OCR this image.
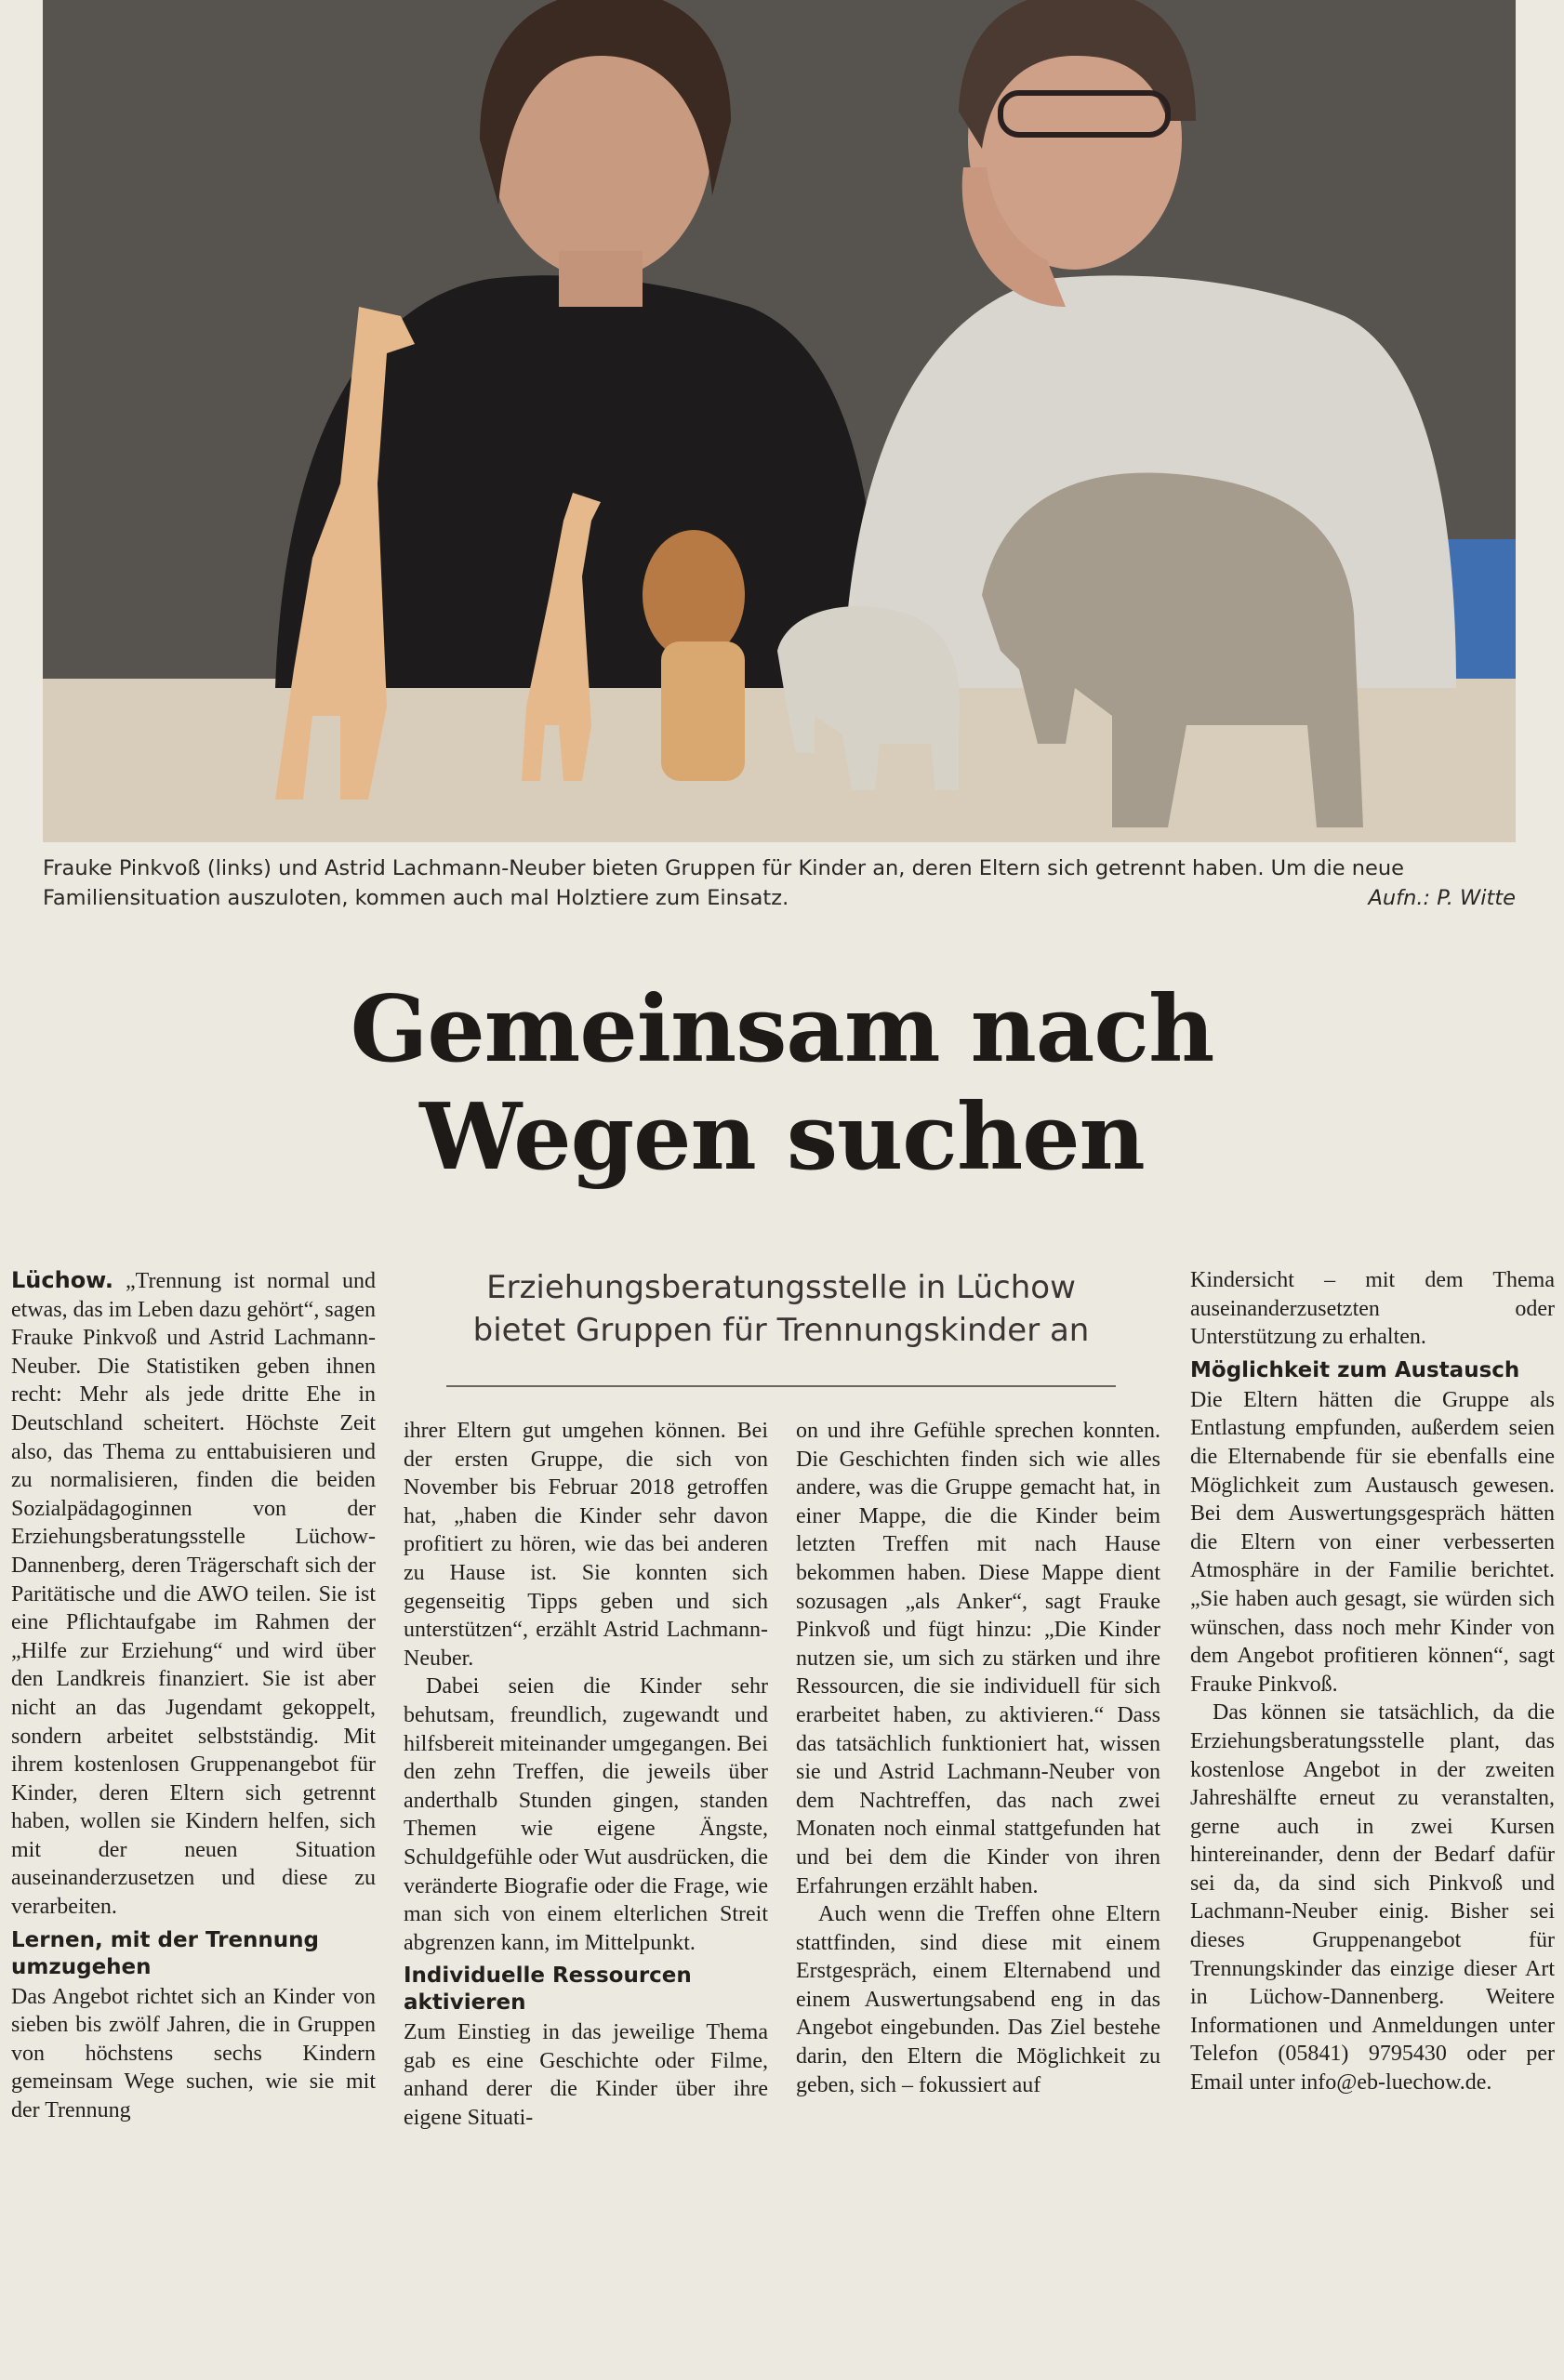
Frauke Pinkvoß (links) und Astrid Lachmann-Neuber bieten Gruppen für Kinder an, deren Eltern sich getrennt haben. Um die neue Familiensituation auszuloten, kommen auch mal Holztiere zum Einsatz.	Aufn.: P. Witte
Gemeinsam nach
Wegen suchen
Erziehungsberatungsstelle in Lüchow
bietet Gruppen für Trennungskinder an

Lüchow. „Trennung ist normal und etwas, das im Leben dazu gehört“, sagen Frauke Pinkvoß und Astrid Lachmann-Neuber. Die Statistiken geben ihnen recht: Mehr als jede dritte Ehe in Deutschland scheitert. Höchste Zeit also, das Thema zu enttabuisieren und zu normalisieren, finden die beiden Sozialpädagoginnen von der Erziehungsberatungsstelle Lüchow-Dannenberg, deren Trägerschaft sich der Paritätische und die AWO teilen. Sie ist eine Pflichtaufgabe im Rahmen der „Hilfe zur Erziehung“ und wird über den Landkreis finanziert. Sie ist aber nicht an das Jugendamt gekoppelt, sondern arbeitet selbstständig. Mit ihrem kostenlosen Gruppenangebot für Kinder, deren Eltern sich getrennt haben, wollen sie Kindern helfen, sich mit der neuen Situation auseinanderzusetzen und diese zu verarbeiten.

Lernen, mit der Trennung umzugehen

Das Angebot richtet sich an Kinder von sieben bis zwölf Jahren, die in Gruppen von höchstens sechs Kindern gemeinsam Wege suchen, wie sie mit der Trennung

ihrer Eltern gut umgehen können. Bei der ersten Gruppe, die sich von November bis Februar 2018 getroffen hat, „haben die Kinder sehr davon profitiert zu hören, wie das bei anderen zu Hause ist. Sie konnten sich gegenseitig Tipps geben und sich unterstützen“, erzählt Astrid Lachmann-Neuber.

Dabei seien die Kinder sehr behutsam, freundlich, zugewandt und hilfsbereit miteinander umgegangen. Bei den zehn Treffen, die jeweils über anderthalb Stunden gingen, standen Themen wie eigene Ängste, Schuldgefühle oder Wut ausdrücken, die veränderte Biografie oder die Frage, wie man sich von einem elterlichen Streit abgrenzen kann, im Mittelpunkt.

Individuelle Ressourcen aktivieren

Zum Einstieg in das jeweilige Thema gab es eine Geschichte oder Filme, anhand derer die Kinder über ihre eigene Situati-

on und ihre Gefühle sprechen konnten. Die Geschichten finden sich wie alles andere, was die Gruppe gemacht hat, in einer Mappe, die die Kinder beim letzten Treffen mit nach Hause bekommen haben. Diese Mappe dient sozusagen „als Anker“, sagt Frauke Pinkvoß und fügt hinzu: „Die Kinder nutzen sie, um sich zu stärken und ihre Ressourcen, die sie individuell für sich erarbeitet haben, zu aktivieren.“ Dass das tatsächlich funktioniert hat, wissen sie und Astrid Lachmann-Neuber von dem Nachtreffen, das nach zwei Monaten noch einmal stattgefunden hat und bei dem die Kinder von ihren Erfahrungen erzählt haben.

Auch wenn die Treffen ohne Eltern stattfinden, sind diese mit einem Erstgespräch, einem Elternabend und einem Auswertungsabend eng in das Angebot eingebunden. Das Ziel bestehe darin, den Eltern die Möglichkeit zu geben, sich – fokussiert auf

Kindersicht – mit dem Thema auseinanderzusetzten oder Unterstützung zu erhalten.

Möglichkeit zum Austausch

Die Eltern hätten die Gruppe als Entlastung empfunden, außerdem seien die Elternabende für sie ebenfalls eine Möglichkeit zum Austausch gewesen. Bei dem Auswertungsgespräch hätten die Eltern von einer verbesserten Atmosphäre in der Familie berichtet. „Sie haben auch gesagt, sie würden sich wünschen, dass noch mehr Kinder von dem Angebot profitieren können“, sagt Frauke Pinkvoß.

Das können sie tatsächlich, da die Erziehungsberatungsstelle plant, das kostenlose Angebot in der zweiten Jahreshälfte erneut zu veranstalten, gerne auch in zwei Kursen hintereinander, denn der Bedarf dafür sei da, da sind sich Pinkvoß und Lachmann-Neuber einig. Bisher sei dieses Gruppenangebot für Trennungskinder das einzige dieser Art in Lüchow-Dannenberg. Weitere Informationen und Anmeldungen unter Telefon (05841) 9795430 oder per Email unter info@eb-luechow.de.
